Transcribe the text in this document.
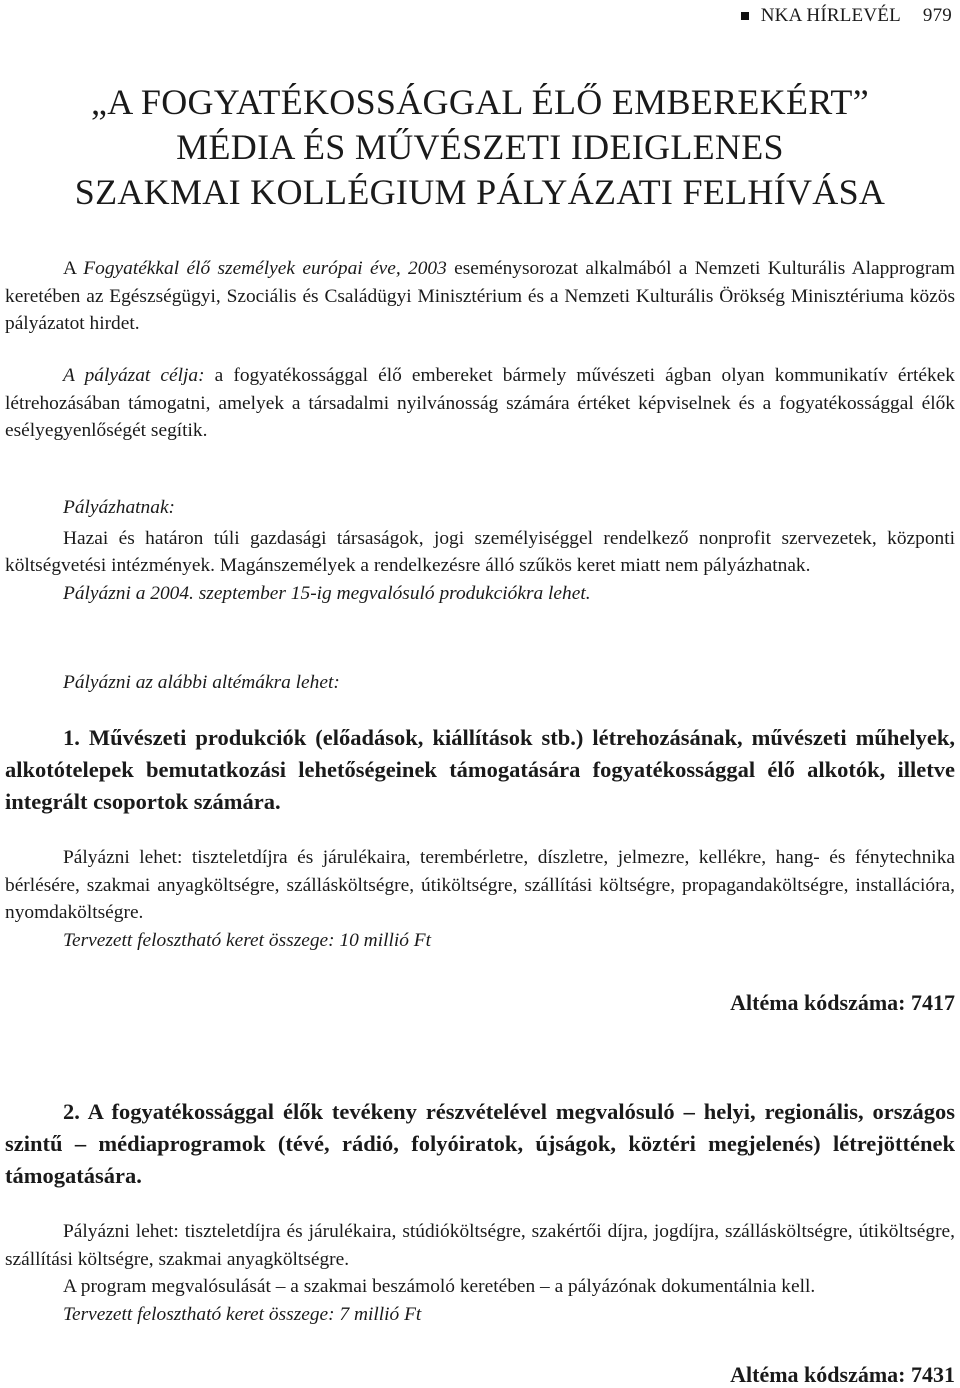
NKA HÍRLEVÉL 979
„A FOGYATÉKOSSÁGGAL ÉLŐ EMBEREKÉRT”
MÉDIA ÉS MŰVÉSZETI IDEIGLENES
SZAKMAI KOLLÉGIUM PÁLYÁZATI FELHÍVÁSA

A Fogyatékkal élő személyek európai éve, 2003 eseménysorozat alkalmából a Nemzeti Kulturális Alapprogram keretében az Egészségügyi, Szociális és Családügyi Minisztérium és a Nemzeti Kulturális Örökség Minisztériuma közös pályázatot hirdet.

A pályázat célja: a fogyatékossággal élő embereket bármely művészeti ágban olyan kommunikatív értékek létrehozásában támogatni, amelyek a társadalmi nyilvánosság számára értéket képviselnek és a fogyatékossággal élők esélyegyenlőségét segítik.

Pályázhatnak:

Hazai és határon túli gazdasági társaságok, jogi személyiséggel rendelkező nonprofit szervezetek, központi költségvetési intézmények. Magánszemélyek a rendelkezésre álló szűkös keret miatt nem pályázhatnak.

Pályázni a 2004. szeptember 15-ig megvalósuló produkciókra lehet.

Pályázni az alábbi altémákra lehet:

1. Művészeti produkciók (előadások, kiállítások stb.) létrehozásának, művészeti műhelyek, alkotótelepek bemutatkozási lehetőségeinek támogatására fogyatékossággal élő alkotók, illetve integrált csoportok számára.

Pályázni lehet: tiszteletdíjra és járulékaira, terembérletre, díszletre, jelmezre, kellékre, hang- és fénytechnika bérlésére, szakmai anyagköltségre, szállásköltségre, útiköltségre, szállítási költségre, propagandaköltségre, installációra, nyomdaköltségre.

Tervezett felosztható keret összege: 10 millió Ft

Altéma kódszáma: 7417

2. A fogyatékossággal élők tevékeny részvételével megvalósuló – helyi, regionális, országos szintű – médiaprogramok (tévé, rádió, folyóiratok, újságok, köztéri megjelenés) létrejöttének támogatására.

Pályázni lehet: tiszteletdíjra és járulékaira, stúdióköltségre, szakértői díjra, jogdíjra, szállásköltségre, útiköltségre, szállítási költségre, szakmai anyagköltségre.

A program megvalósulását – a szakmai beszámoló keretében – a pályázónak dokumentálnia kell.

Tervezett felosztható keret összege: 7 millió Ft

Altéma kódszáma: 7431
